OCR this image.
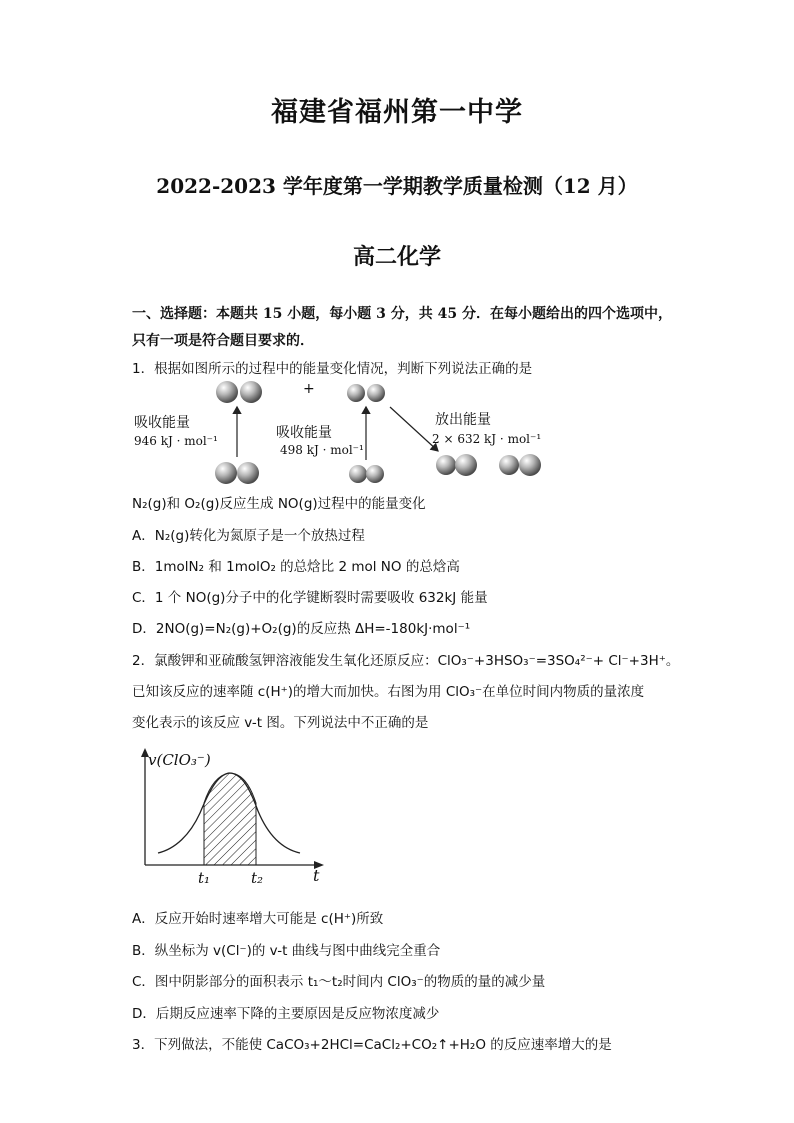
福建省福州第一中学
2022-2023 学年度第一学期教学质量检测（12 月）
高二化学
一、选择题：本题共 15 小题，每小题 3 分，共 45 分．在每小题给出的四个选项中，
只有一项是符合题目要求的．
1．根据如图所示的过程中的能量变化情况，判断下列说法正确的是
+
吸收能量
946 kJ · mol⁻¹	吸收能量
498 kJ · mol⁻¹
放出能量
2 × 632 kJ · mol⁻¹
N₂(g)和 O₂(g)反应生成 NO(g)过程中的能量变化
A．N₂(g)转化为氮原子是一个放热过程
B．1molN₂ 和 1molO₂ 的总焓比 2 mol NO 的总焓高
C．1 个 NO(g)分子中的化学键断裂时需要吸收 632kJ 能量
D．2NO(g)=N₂(g)+O₂(g)的反应热 ΔH=-180kJ·mol⁻¹
2．氯酸钾和亚硫酸氢钾溶液能发生氧化还原反应：ClO₃⁻+3HSO₃⁻=3SO₄²⁻+ Cl⁻+3H⁺。
已知该反应的速率随 c(H⁺)的增大而加快。右图为用 ClO₃⁻在单位时间内物质的量浓度
变化表示的该反应 v-t 图。下列说法中不正确的是
v(ClO₃⁻)
t₁	t₂	t
A．反应开始时速率增大可能是 c(H⁺)所致
B．纵坐标为 v(Cl⁻)的 v-t 曲线与图中曲线完全重合
C．图中阴影部分的面积表示 t₁～t₂时间内 ClO₃⁻的物质的量的减少量
D．后期反应速率下降的主要原因是反应物浓度减少
3．下列做法，不能使 CaCO₃+2HCl=CaCl₂+CO₂↑+H₂O 的反应速率增大的是
